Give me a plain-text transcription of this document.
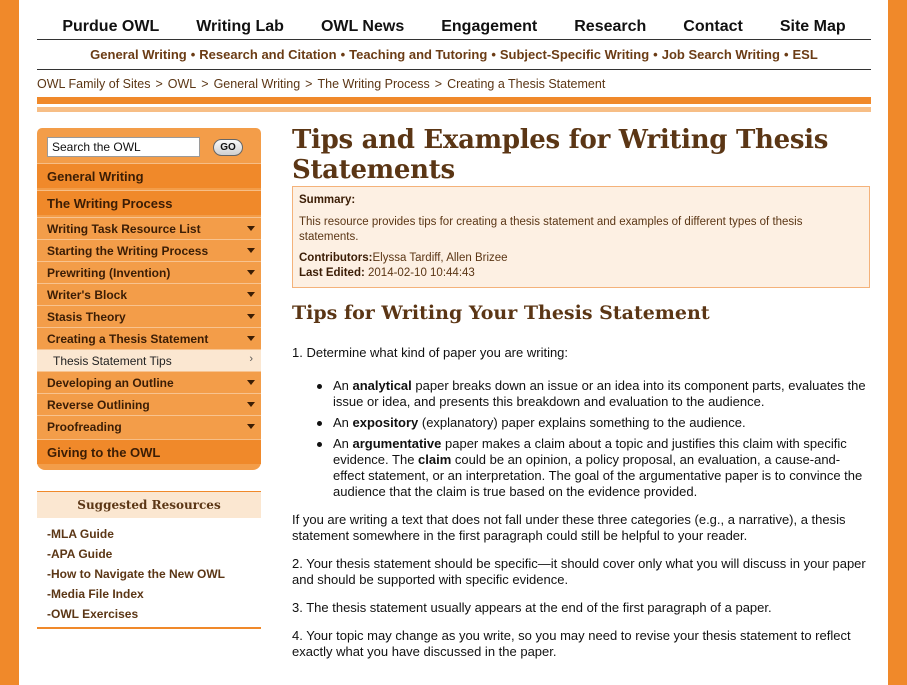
Purdue OWL Writing Lab OWL News Engagement Research Contact Site Map
General Writing • Research and Citation • Teaching and Tutoring • Subject-Specific Writing • Job Search Writing • ESL
OWL Family of Sites > OWL > General Writing > The Writing Process > Creating a Thesis Statement
Search the OWL
GO
General Writing
The Writing Process
Writing Task Resource List
Starting the Writing Process
Prewriting (Invention)
Writer's Block
Stasis Theory
Creating a Thesis Statement
Thesis Statement Tips	›
Developing an Outline
Reverse Outlining
Proofreading
Giving to the OWL
Suggested Resources
-MLA Guide
-APA Guide
-How to Navigate the New OWL
-Media File Index
-OWL Exercises
Tips and Examples for Writing Thesis Statements

Summary:

This resource provides tips for creating a thesis statement and examples of different types of thesis statements.

Contributors:Elyssa Tardiff, Allen Brizee

Last Edited: 2014-02-10 10:44:43

Tips for Writing Your Thesis Statement

1. Determine what kind of paper you are writing:

An analytical paper breaks down an issue or an idea into its component parts, evaluates the issue or idea, and presents this breakdown and evaluation to the audience.
An expository (explanatory) paper explains something to the audience.
An argumentative paper makes a claim about a topic and justifies this claim with specific evidence. The claim could be an opinion, a policy proposal, an evaluation, a cause-and-effect statement, or an interpretation. The goal of the argumentative paper is to convince the audience that the claim is true based on the evidence provided.

If you are writing a text that does not fall under these three categories (e.g., a narrative), a thesis statement somewhere in the first paragraph could still be helpful to your reader.

2. Your thesis statement should be specific—it should cover only what you will discuss in your paper and should be supported with specific evidence.

3. The thesis statement usually appears at the end of the first paragraph of a paper.

4. Your topic may change as you write, so you may need to revise your thesis statement to reflect exactly what you have discussed in the paper.
